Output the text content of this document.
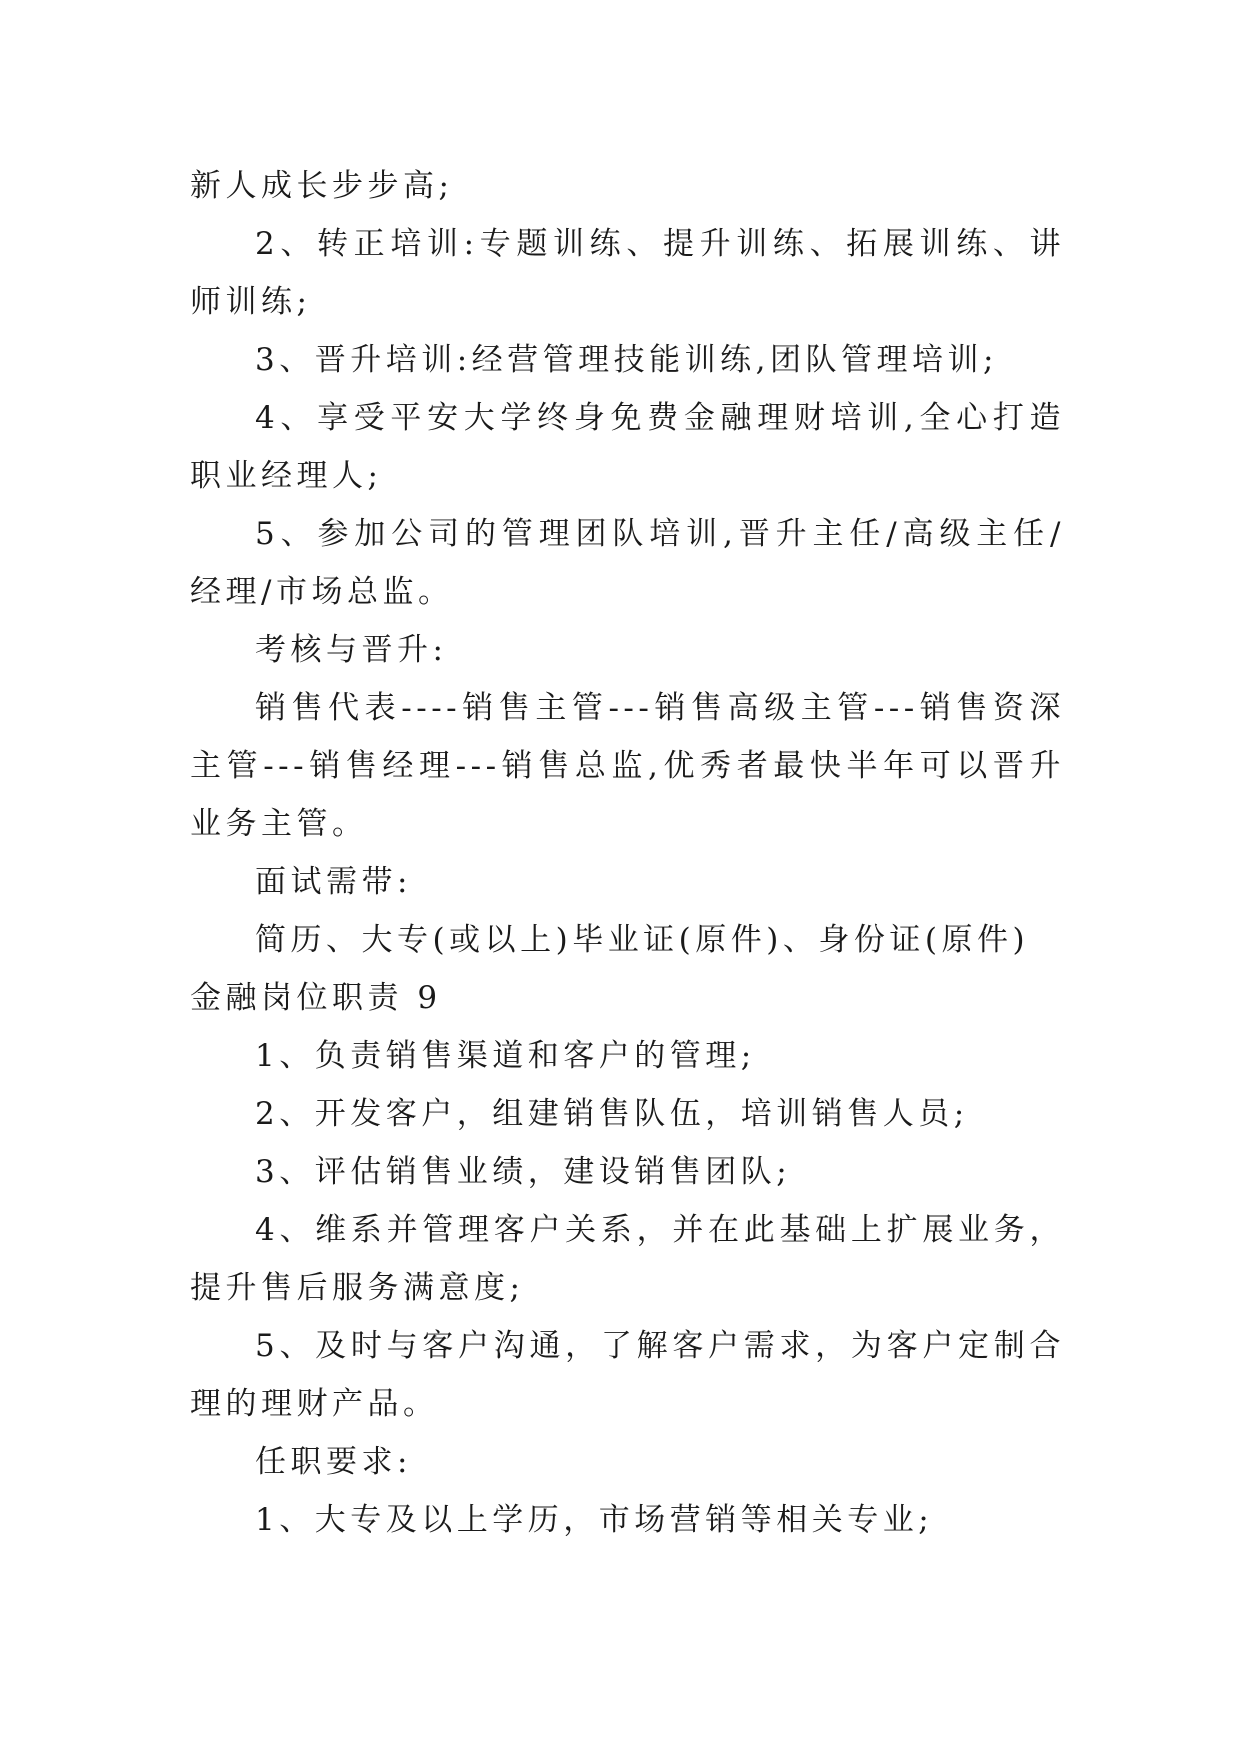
新人成长步步高;

2、转正培训:专题训练、提升训练、拓展训练、讲师训练;

3、晋升培训:经营管理技能训练,团队管理培训;

4、享受平安大学终身免费金融理财培训,全心打造职业经理人;

5、参加公司的管理团队培训,晋升主任/高级主任/经理/市场总监。

考核与晋升:

销售代表----销售主管---销售高级主管---销售资深主管---销售经理---销售总监,优秀者最快半年可以晋升业务主管。

面试需带:

简历、大专(或以上)毕业证(原件)、身份证(原件)

金融岗位职责 9

1、负责销售渠道和客户的管理;

2、开发客户，组建销售队伍，培训销售人员;

3、评估销售业绩，建设销售团队;

4、维系并管理客户关系，并在此基础上扩展业务，提升售后服务满意度;

5、及时与客户沟通，了解客户需求，为客户定制合理的理财产品。

任职要求:

1、大专及以上学历，市场营销等相关专业;
